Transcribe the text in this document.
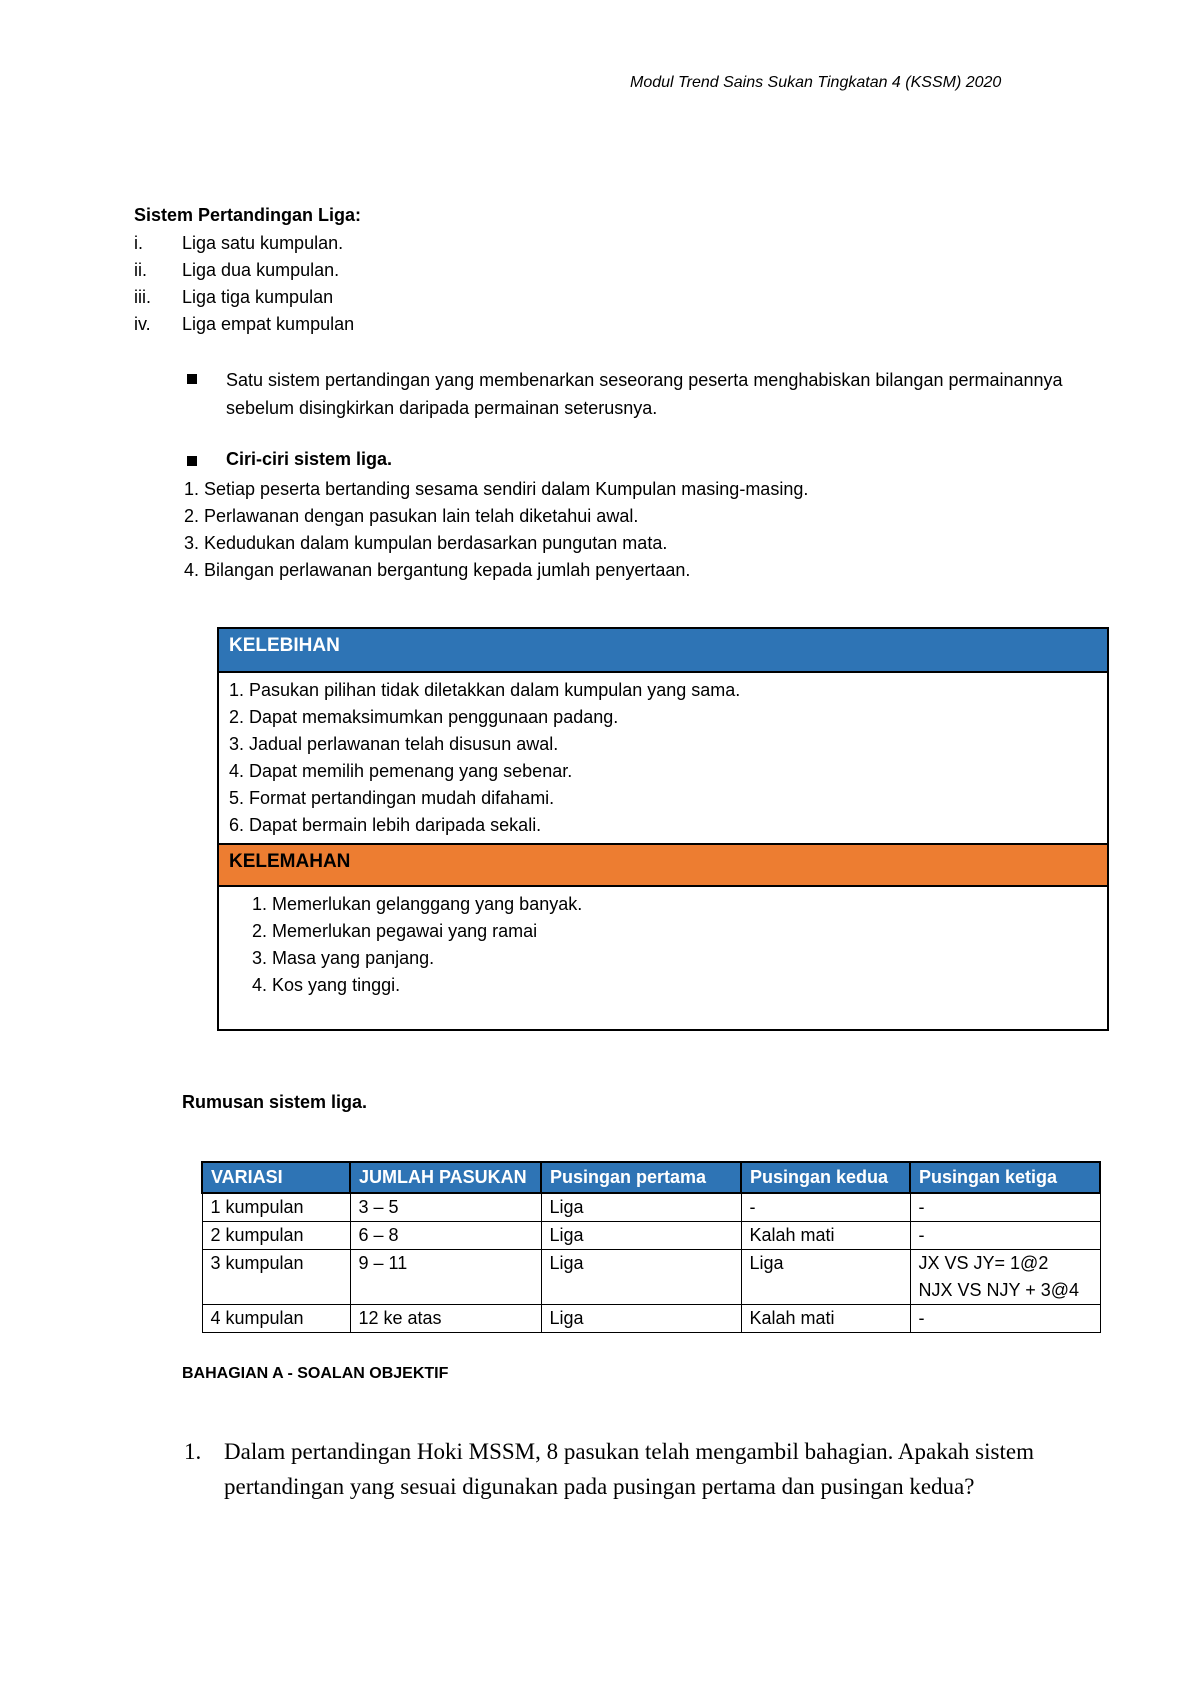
Modul Trend Sains Sukan Tingkatan 4 (KSSM) 2020
Sistem Pertandingan Liga:
i.	Liga satu kumpulan.
ii.	Liga dua kumpulan.
iii.	Liga tiga kumpulan
iv.	Liga empat kumpulan
Satu sistem pertandingan yang membenarkan seseorang peserta menghabiskan bilangan permainannya sebelum disingkirkan daripada permainan seterusnya.
Ciri-ciri sistem liga.
1. Setiap peserta bertanding sesama sendiri dalam Kumpulan masing-masing.
2. Perlawanan dengan pasukan lain telah diketahui awal.
3. Kedudukan dalam kumpulan berdasarkan pungutan mata.
4. Bilangan perlawanan bergantung kepada jumlah penyertaan.
KELEBIHAN
1. Pasukan pilihan tidak diletakkan dalam kumpulan yang sama.
2. Dapat memaksimumkan penggunaan padang.
3. Jadual perlawanan telah disusun awal.
4. Dapat memilih pemenang yang sebenar.
5. Format pertandingan mudah difahami.
6. Dapat bermain lebih daripada sekali.
KELEMAHAN
1. Memerlukan gelanggang yang banyak.
2. Memerlukan pegawai yang ramai
3. Masa yang panjang.
4. Kos yang tinggi.
Rumusan sistem liga.
VARIASI	JUMLAH PASUKAN	Pusingan pertama	Pusingan kedua	Pusingan ketiga
1 kumpulan	3 – 5	Liga	-	-
2 kumpulan	6 – 8	Liga	Kalah mati	-
3 kumpulan	9 – 11	Liga	Liga	JX VS JY= 1@2
NJX VS NJY + 3@4

4 kumpulan	12 ke atas	Liga	Kalah mati	-
BAHAGIAN A - SOALAN OBJEKTIF
1. Dalam pertandingan Hoki MSSM, 8 pasukan telah mengambil bahagian. Apakah sistem pertandingan yang sesuai digunakan pada pusingan pertama dan pusingan kedua?
